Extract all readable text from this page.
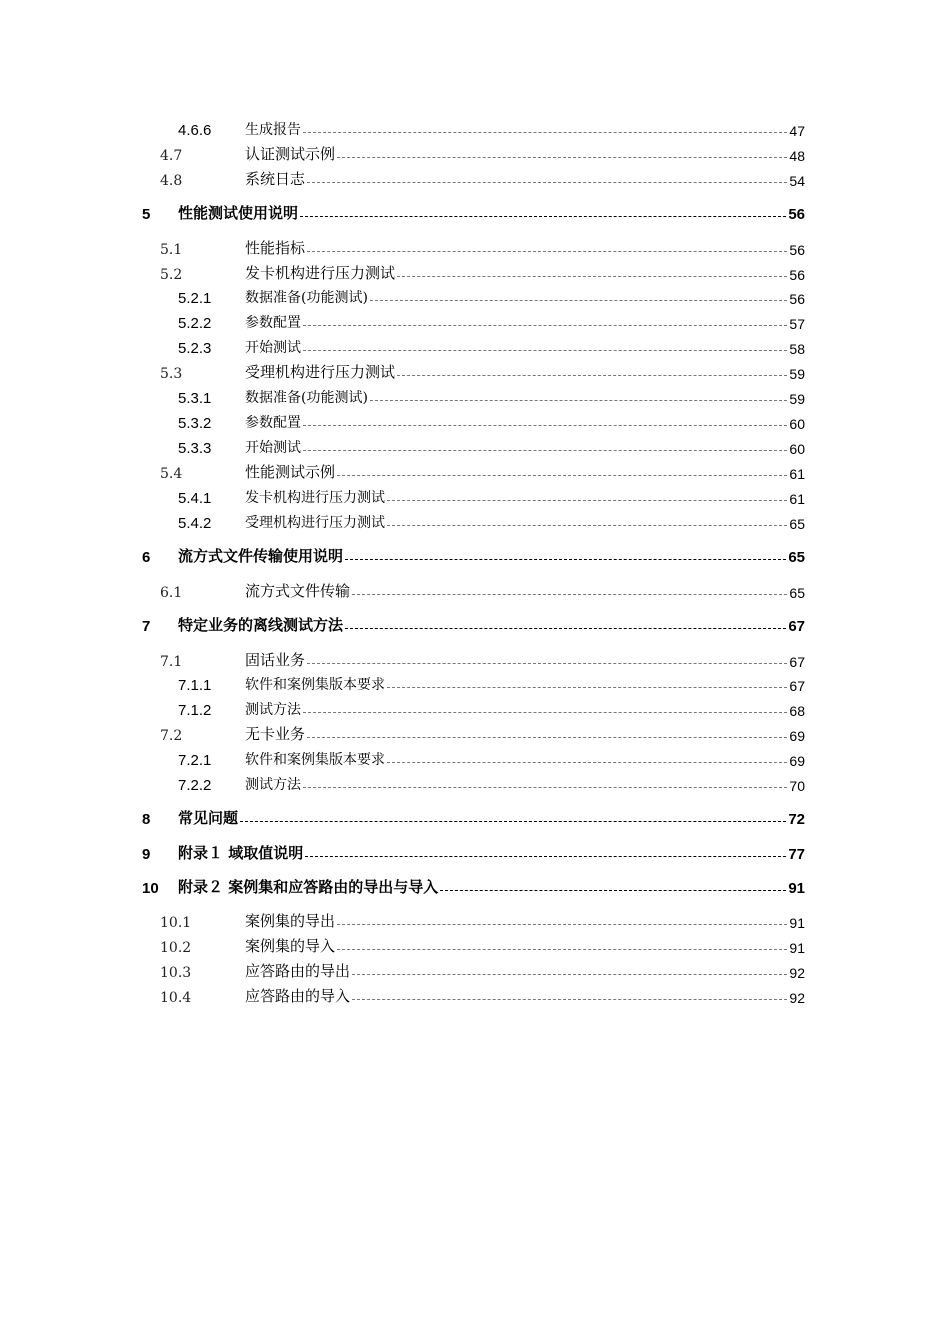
4.6.6 生成报告	47
4.7	认证测试示例	48
4.8	系统日志	54
5 性能测试使用说明	56
5.1	性能指标	56
5.2	发卡机构进行压力测试	56
5.2.1 数据准备(功能测试)	56
5.2.2 参数配置	57
5.2.3 开始测试	58
5.3	受理机构进行压力测试	59
5.3.1 数据准备(功能测试)	59
5.3.2 参数配置	60
5.3.3 开始测试	60
5.4	性能测试示例	61
5.4.1 发卡机构进行压力测试	61
5.4.2 受理机构进行压力测试	65
6 流方式文件传输使用说明	65
6.1	流方式文件传输	65
7 特定业务的离线测试方法	67
7.1	固话业务	67
7.1.1 软件和案例集版本要求	67
7.1.2 测试方法	68
7.2	无卡业务	69
7.2.1 软件和案例集版本要求	69
7.2.2 测试方法	70
8 常见问题	72
9 附录１ 域取值说明	77
10 附录２ 案例集和应答路由的导出与导入	91
10.1	案例集的导出	91
10.2	案例集的导入	91
10.3	应答路由的导出	92
10.4	应答路由的导入	92
